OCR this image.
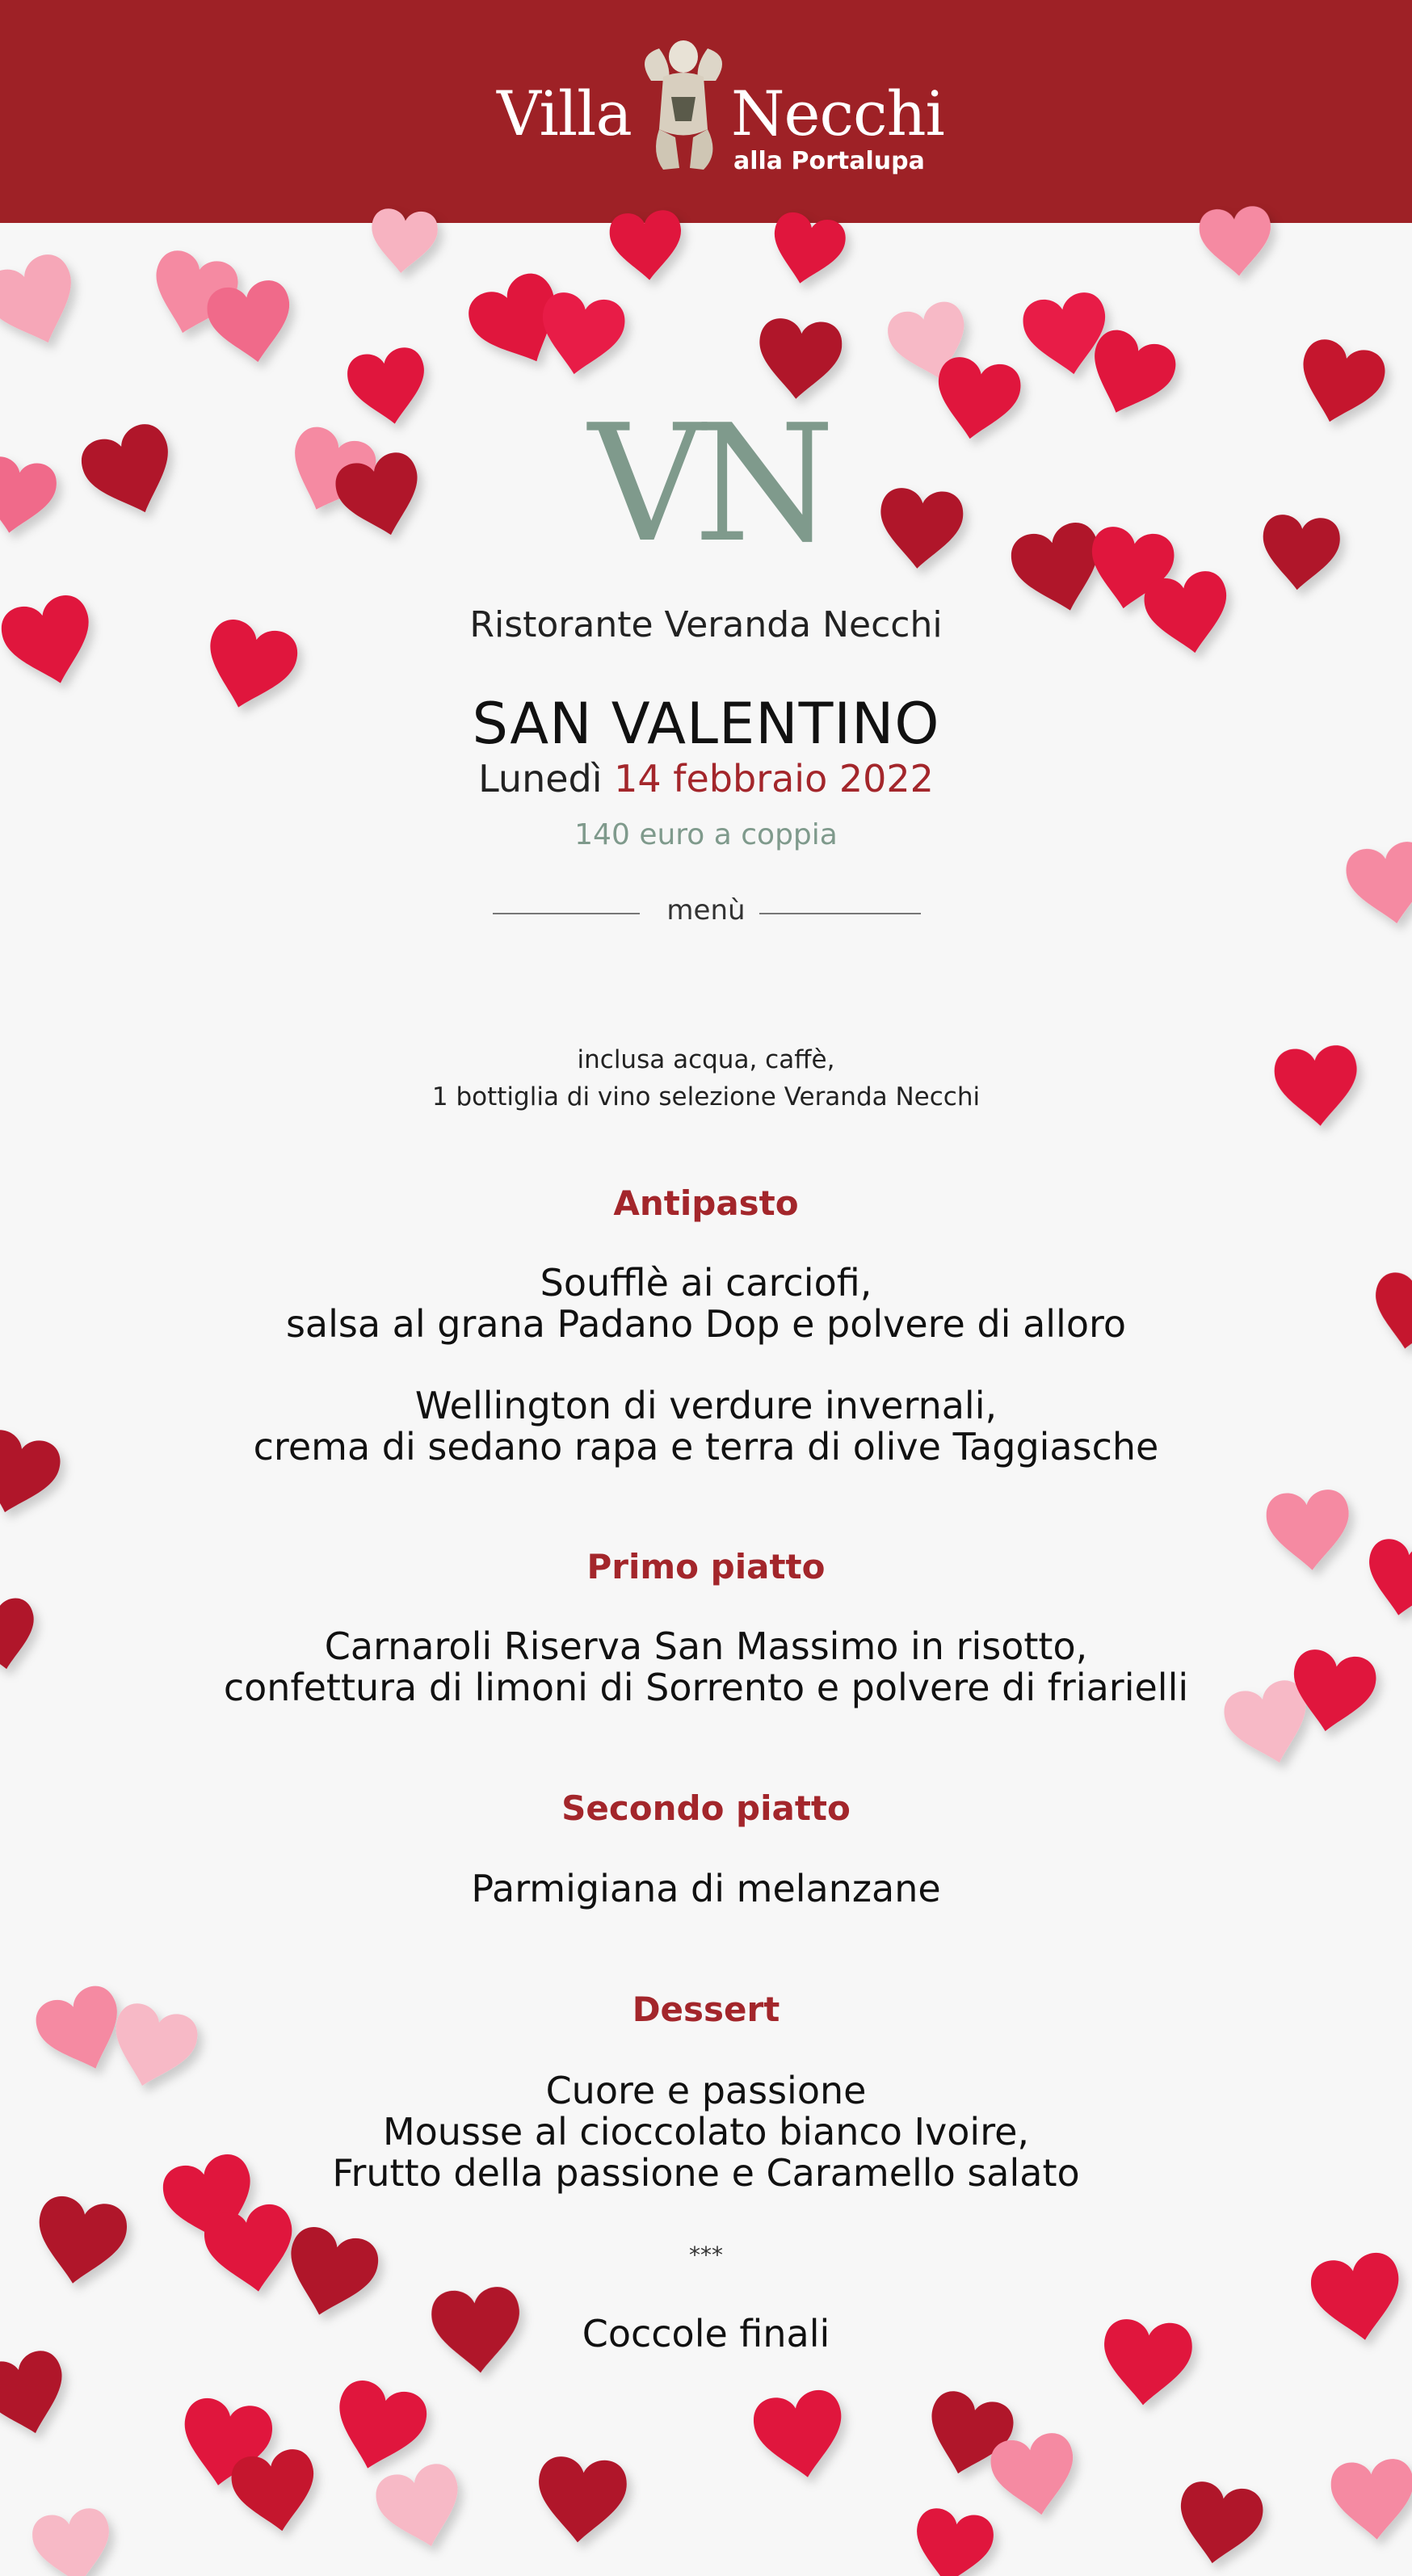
Villa Necchi
alla Portalupa
VN
Ristorante Veranda Necchi
SAN VALENTINO
Lunedì 14 febbraio 2022
140 euro a coppia
menù
inclusa acqua, caffè,
1 bottiglia di vino selezione Veranda Necchi
Antipasto
Soufflè ai carciofi,
salsa al grana Padano Dop e polvere di alloro
Wellington di verdure invernali,
crema di sedano rapa e terra di olive Taggiasche
Primo piatto
Carnaroli Riserva San Massimo in risotto,
confettura di limoni di Sorrento e polvere di friarielli
Secondo piatto
Parmigiana di melanzane
Dessert
Cuore e passione
Mousse al cioccolato bianco Ivoire,
Frutto della passione e Caramello salato
***
Coccole finali
